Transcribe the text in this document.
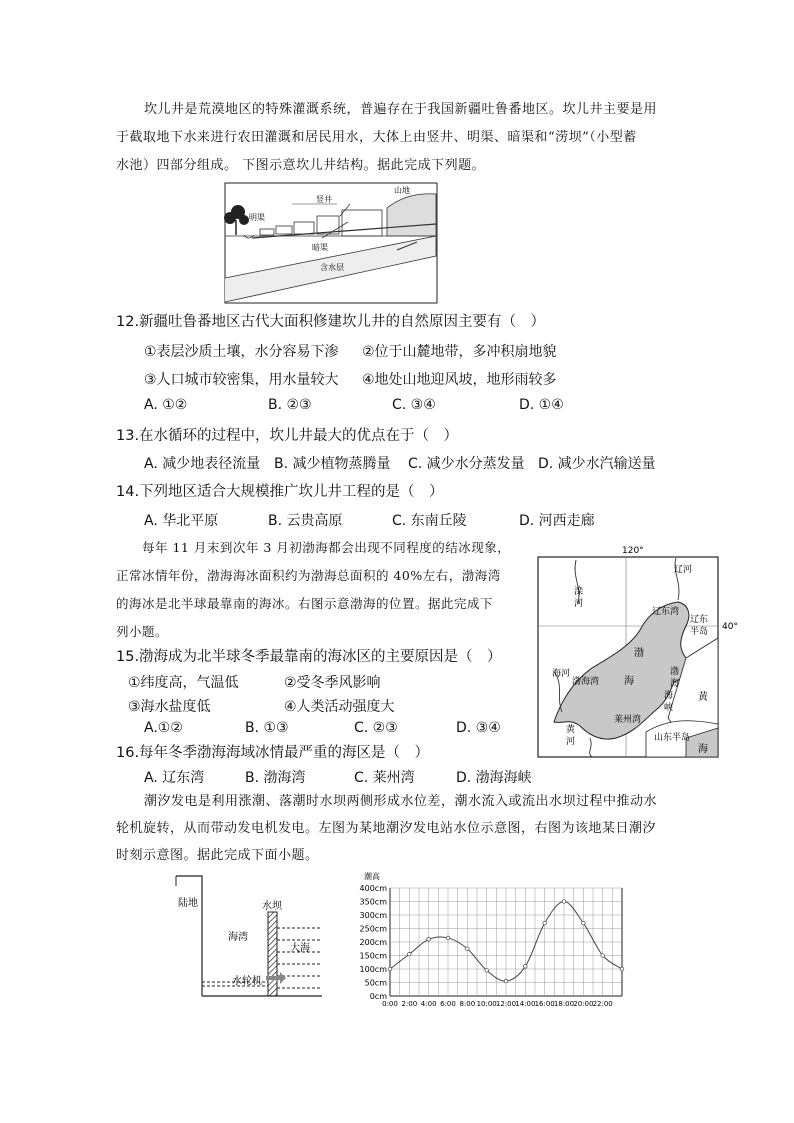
坎儿井是荒漠地区的特殊灌溉系统，普遍存在于我国新疆吐鲁番地区。坎儿井主要是用
于截取地下水来进行农田灌溉和居民用水，大体上由竖井、明渠、暗渠和“涝坝”（小型蓄
水池）四部分组成。 下图示意坎儿井结构。据此完成下列题。
山地
竖井
明渠
暗渠
含水层
12.新疆吐鲁番地区古代大面积修建坎儿井的自然原因主要有（　）
①表层沙质土壤，水分容易下渗 ②位于山麓地带，多冲积扇地貌
③人口城市较密集，用水量较大 ④地处山地迎风坡，地形雨较多
A. ①②	B. ②③	C. ③④	D. ①④
13.在水循环的过程中，坎儿井最大的优点在于（　）
A. 减少地表径流量 B. 减少植物蒸腾量 C. 减少水分蒸发量 D. 减少水汽输送量
14.下列地区适合大规模推广坎儿井工程的是（　）
A. 华北平原	B. 云贵高原	C. 东南丘陵	D. 河西走廊
每年 11 月末到次年 3 月初渤海都会出现不同程度的结冰现象，
正常冰情年份，渤海海冰面积约为渤海总面积的 40%左右，渤海湾
的海冰是北半球最靠南的海冰。右图示意渤海的位置。据此完成下
列小题。
120°
40°
辽河
滦
河
辽东湾
辽东
半岛
渤
海
海河
渤海湾
渤
海
海
峡
黄
海
莱州湾
黄
河	山东半岛
15.渤海成为北半球冬季最靠南的海冰区的主要原因是（　）
①纬度高，气温低	②受冬季风影响
③海水盐度低	④人类活动强度大
A.①②	B. ①③	C. ②③	D. ③④
16.每年冬季渤海海域冰情最严重的海区是（　）
A. 辽东湾	B. 渤海湾	C. 莱州湾	D. 渤海海峡
潮汐发电是利用涨潮、落潮时水坝两侧形成水位差，潮水流入或流出水坝过程中推动水
轮机旋转，从而带动发电机发电。左图为某地潮汐发电站水位示意图，右图为该地某日潮汐
时刻示意图。据此完成下面小题。
陆地	水坝
海湾
大海
水轮机
潮高
0cm
50cm
100cm
150cm
200cm
250cm
300cm
350cm
400cm
0:00 2:00 4:00 6:00 8:00 10:00 12:00 14:00 16:00 18:00 20:00 22:00
